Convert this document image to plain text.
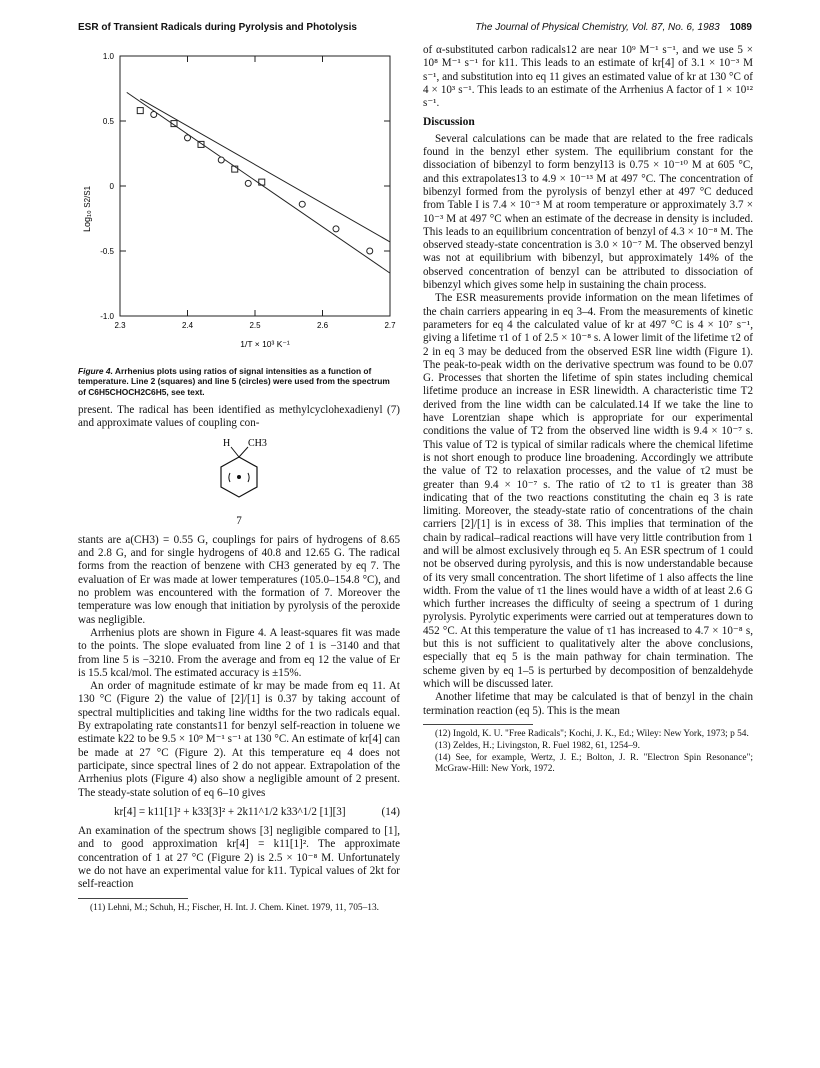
ESR of Transient Radicals during Pyrolysis and Photolysis	The Journal of Physical Chemistry, Vol. 87, No. 6, 1983 1089
1.0
0.5
0
-0.5
-1.0
2.3	2.4	2.5	2.6	2.7
Log₁₀ S2/S1
1/T × 10³ K⁻¹
Figure 4. Arrhenius plots using ratios of signal intensities as a function of temperature. Line 2 (squares) and line 5 (circles) were used from the spectrum of C6H5CHOCH2C6H5, see text.

present. The radical has been identified as methylcyclohexadienyl (7) and approximate values of coupling con-

H CH3
7

stants are a(CH3) = 0.55 G, couplings for pairs of hydrogens of 8.65 and 2.8 G, and for single hydrogens of 40.8 and 12.65 G. The radical forms from the reaction of benzene with CH3 generated by eq 7. The evaluation of Er was made at lower temperatures (105.0–154.8 °C), and no problem was encountered with the formation of 7. Moreover the temperature was low enough that initiation by pyrolysis of the peroxide was negligible.

Arrhenius plots are shown in Figure 4. A least-squares fit was made to the points. The slope evaluated from line 2 of 1 is −3140 and that from line 5 is −3210. From the average and from eq 12 the value of Er is 15.5 kcal/mol. The estimated accuracy is ±15%.

An order of magnitude estimate of kr may be made from eq 11. At 130 °C (Figure 2) the value of [2]/[1] is 0.37 by taking account of spectral multiplicities and taking line widths for the two radicals equal. By extrapolating rate constants11 for benzyl self-reaction in toluene we estimate k22 to be 9.5 × 10⁹ M⁻¹ s⁻¹ at 130 °C. An estimate of kr[4] can be made at 27 °C (Figure 2). At this temperature eq 4 does not participate, since spectral lines of 2 do not appear. Extrapolation of the Arrhenius plots (Figure 4) also show a negligible amount of 2 present. The steady-state solution of eq 6–10 gives

kr[4] = k11[1]² + k33[3]² + 2k11^1/2 k33^1/2 [1][3]	(14)

An examination of the spectrum shows [3] negligible compared to [1], and to good approximation kr[4] = k11[1]². The approximate concentration of 1 at 27 °C (Figure 2) is 2.5 × 10⁻⁸ M. Unfortunately we do not have an experimental value for k11. Typical values of 2kt for self-reaction

(11) Lehni, M.; Schuh, H.; Fischer, H. Int. J. Chem. Kinet. 1979, 11, 705–13.

of α-substituted carbon radicals12 are near 10⁹ M⁻¹ s⁻¹, and we use 5 × 10⁸ M⁻¹ s⁻¹ for k11. This leads to an estimate of kr[4] of 3.1 × 10⁻³ M s⁻¹, and substitution into eq 11 gives an estimated value of kr at 130 °C of 4 × 10³ s⁻¹. This leads to an estimate of the Arrhenius A factor of 1 × 10¹² s⁻¹.

Discussion

Several calculations can be made that are related to the free radicals found in the benzyl ether system. The equilibrium constant for the dissociation of bibenzyl to form benzyl13 is 0.75 × 10⁻¹⁰ M at 605 °C, and this extrapolates13 to 4.9 × 10⁻¹³ M at 497 °C. The concentration of bibenzyl formed from the pyrolysis of benzyl ether at 497 °C deduced from Table I is 7.4 × 10⁻³ M at room temperature or approximately 3.7 × 10⁻³ M at 497 °C when an estimate of the decrease in density is included. This leads to an equilibrium concentration of benzyl of 4.3 × 10⁻⁸ M. The observed steady-state concentration is 3.0 × 10⁻⁷ M. The observed benzyl was not at equilibrium with bibenzyl, but approximately 14% of the observed concentration of benzyl can be attributed to dissociation of bibenzyl which gives some help in sustaining the chain process.

The ESR measurements provide information on the mean lifetimes of the chain carriers appearing in eq 3–4. From the measurements of kinetic parameters for eq 4 the calculated value of kr at 497 °C is 4 × 10⁷ s⁻¹, giving a lifetime τ1 of 1 of 2.5 × 10⁻⁸ s. A lower limit of the lifetime τ2 of 2 in eq 3 may be deduced from the observed ESR line width (Figure 1). The peak-to-peak width on the derivative spectrum was found to be 0.07 G. Processes that shorten the lifetime of spin states including chemical lifetime produce an increase in ESR linewidth. A characteristic time T2 derived from the line width can be calculated.14 If we take the line to have Lorentzian shape which is appropriate for our experimental conditions the value of T2 from the observed line width is 9.4 × 10⁻⁷ s. This value of T2 is typical of similar radicals where the chemical lifetime is not short enough to produce line broadening. Accordingly we attribute the value of T2 to relaxation processes, and the value of τ2 must be greater than 9.4 × 10⁻⁷ s. The ratio of τ2 to τ1 is greater than 38 indicating that of the two reactions constituting the chain eq 3 is rate limiting. Moreover, the steady-state ratio of concentrations of the chain carriers [2]/[1] is in excess of 38. This implies that termination of the chain by radical–radical reactions will have very little contribution from 1 and will be almost exclusively through eq 5. An ESR spectrum of 1 could not be observed during pyrolysis, and this is now understandable because of its very small concentration. The short lifetime of 1 also affects the line width. From the value of τ1 the lines would have a width of at least 2.6 G which further increases the difficulty of seeing a spectrum of 1 during pyrolysis. Pyrolytic experiments were carried out at temperatures down to 452 °C. At this temperature the value of τ1 has increased to 4.7 × 10⁻⁸ s, but this is not sufficient to qualitatively alter the above conclusions, especially that eq 5 is the main pathway for chain termination. The scheme given by eq 1–5 is perturbed by decomposition of benzaldehyde which will be discussed later.

Another lifetime that may be calculated is that of benzyl in the chain termination reaction (eq 5). This is the mean

(12) Ingold, K. U. "Free Radicals"; Kochi, J. K., Ed.; Wiley: New York, 1973; p 54.

(13) Zeldes, H.; Livingston, R. Fuel 1982, 61, 1254–9.

(14) See, for example, Wertz, J. E.; Bolton, J. R. "Electron Spin Resonance"; McGraw-Hill: New York, 1972.
